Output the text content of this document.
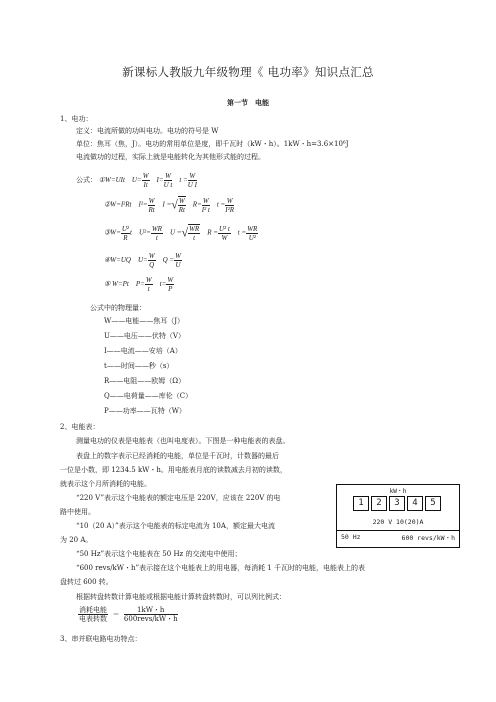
新课标人教版九年级物理《 电功率》知识点汇总
第一节　电能
1、电功：
定义：电流所做的功叫电功。电功的符号是 W
单位：焦耳（焦，J）。电功的常用单位是度，即千瓦时（kW・h）。1kW・h=3.6×10⁶J
电流做功的过程，实际上就是电能转化为其他形式能的过程。
公式： ①W=UIt $U= \frac{W}{It} I= \frac{W}{\text{U t}}$ $t = \frac{W}{\text{U I}}$
②W=I²Rt $I^2= \frac{W}{Rt}$ I =√ $\frac{W}{Rt} R= \frac{W}{\text{I² t}}$ $t = \frac{W}{\text{I²R}}$
③W= $\frac{\text{U²}}{R}$ t $U^2= \frac{WR}{t}$ U =√ $\frac{WR}{t}$ $R = \frac{\text{U² t}}{W}$ $t = \frac{WR}{\text{U²}}$
④W=UQ $U= \frac{W}{Q}$ $Q = \frac{W}{U}$
⑤ W=Pt $P= \frac{W}{t} t= \frac{W}{P}$
公式中的物理量：
W——电能——焦耳（J）
U——电压——伏特（V）
I——电流——安培（A）
t——时间——秒（s）
R——电阻——欧姆（Ω）
Q——电荷量——库伦（C）
P——功率——瓦特（W）
2、电能表：
测量电功的仪表是电能表（也叫电度表）。下图是一种电能表的表盘。
表盘上的数字表示已经消耗的电能，单位是千瓦时，计数器的最后
一位是小数，即 1234.5 kW・h。用电能表月底的读数减去月初的读数，
就表示这个月所消耗的电能。
“220 V”表示这个电能表的额定电压是 220V，应该在 220V 的电
路中使用。
“10（20 A）”表示这个电能表的标定电流为 10A，额定最大电流
为 20 A。
“50 Hz”表示这个电能表在 50 Hz 的交流电中使用；
“600 revs/kW・h”表示接在这个电能表上的用电器，每消耗 1 千瓦时的电能，电能表上的表
盘转过 600 转。
根据转盘转数计算电能或根据电能计算转盘转数时，可以列比例式：
$\frac{\text{消耗电能}}{\text{电表转数}} = \frac{1kW・h}{\text{600revs/kW・h}}$
3、串并联电路电功特点：
kW・h
1	2	3	4	5
220 V 10(20)A
50 Hz	600 revs/kW・h
